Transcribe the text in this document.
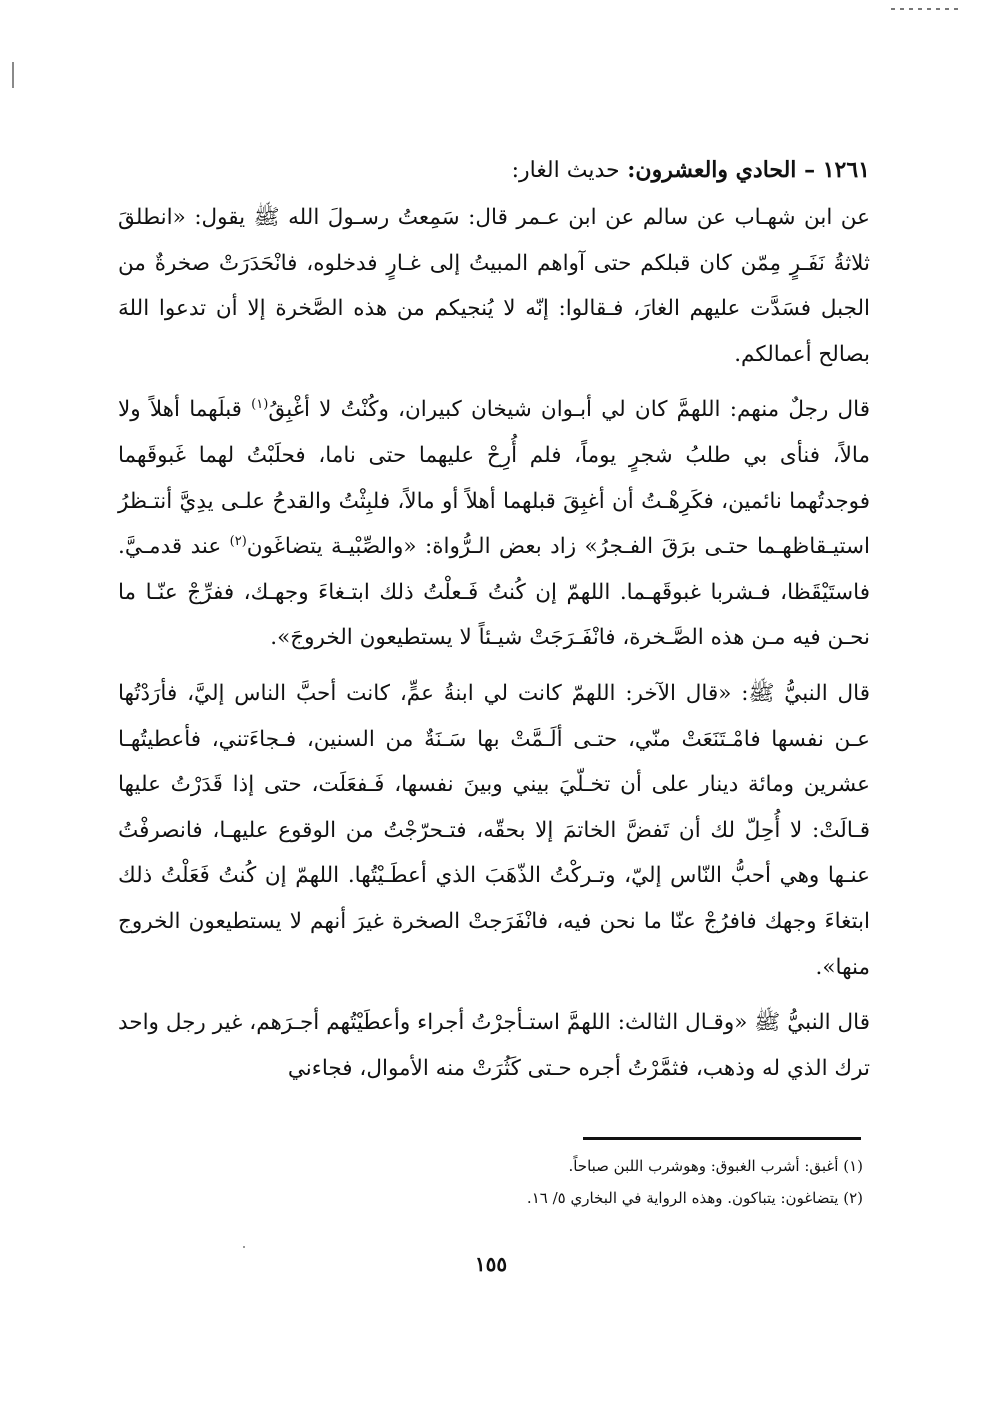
١٢٦١ – الحادي والعشرون: حديث الغار:
عن ابن شهـاب عن سالم عن ابن عـمر قال: سَمِعتُ رسـولَ الله ﷺ يقول: «انطلقَ ثلاثةُ نَفَـرٍ مِمّن كان قبلكم حتى آواهم المبيتُ إلى غـارٍ فدخلوه، فانْحَدَرَتْ صخرةٌ من الجبل فسَدَّت عليهم الغارَ، فـقالوا: إنّه لا يُنجيكم من هذه الصَّخرة إلا أن تدعوا اللهَ بصالح أعمالكم.
قال رجلٌ منهم: اللهمَّ كان لي أبـوان شيخان كبيران، وكُنْتُ لا أغْبِقُ$^{(١)}$ قبلَهما أهلاً ولا مالاً، فنأى بي طلبُ شجرٍ يوماً، فلم أُرِحْ عليهما حتى ناما، فحلَبْتُ لهما غَبوقَهما فوجدتُهما نائمين، فكَرِهْـتُ أن أغبِقَ قبلهما أهلاً أو مالاً، فلبِثْتُ والقدحُ علـى يدِيَّ أنتـظرُ استيـقاظهـما حتـى برَقَ الفـجرُ» زاد بعض الـرُّواة: «والصِّبْيـة يتضاغَون$^{(٢)}$ عند قدمـيَّ. فاستَيْقَظا، فـشربا غبوقَهـما. اللهمّ إن كُنتُ فَـعلْتُ ذلك ابتـغاءَ وجهـك، ففرِّجْ عنّـا ما نحـن فيه مـن هذه الصَّـخرة، فانْفَـرَجَتْ شيـئاً لا يستطيعون الخروجَ».
قال النبيُّ ﷺ: «قال الآخر: اللهمّ كانت لي ابنةُ عمٍّ، كانت أحبَّ الناس إليَّ، فأرَدْتُها عـن نفسها فامْـتَنَعَتْ منّي، حتـى ألَـمَّتْ بها سَـنَةٌ من السنين، فـجاءَتني، فأعطيتُهـا عشرين ومائة دينار على أن تخـلّيَ بيني وبينَ نفسها، فَـفعَلَت، حتى إذا قَدَرْتُ عليها قـالَتْ: لا أُحِلّ لك أن تَفضَّ الخاتمَ إلا بحقّه، فتـحرّجْتُ من الوقوع عليهـا، فانصرفْتُ عنـها وهي أحبُّ النّاس إليّ، وتـركْتُ الذّهَبَ الذي أعطَـيْتُها. اللهمّ إن كُنتُ فَعَلْتُ ذلك ابتغاءَ وجهك فافرُجْ عنّا ما نحن فيه، فانْفَرَجتْ الصخرة غيرَ أنهم لا يستطيعون الخروج منها».
قال النبيُّ ﷺ «وقـال الثالث: اللهمَّ استـأجرْتُ أجراء وأعطَيْتُهم أجـرَهم، غير رجل واحد ترك الذي له وذهب، فثمَّرْتُ أجره حـتى كَثُرَتْ منه الأموال، فجاءني
(١) أغبق: أشرب الغبوق: وهوشرب اللبن صباحاً.
(٢) يتضاغون: يتباكون. وهذه الرواية في البخاري ٥/ ١٦.
١٥٥
